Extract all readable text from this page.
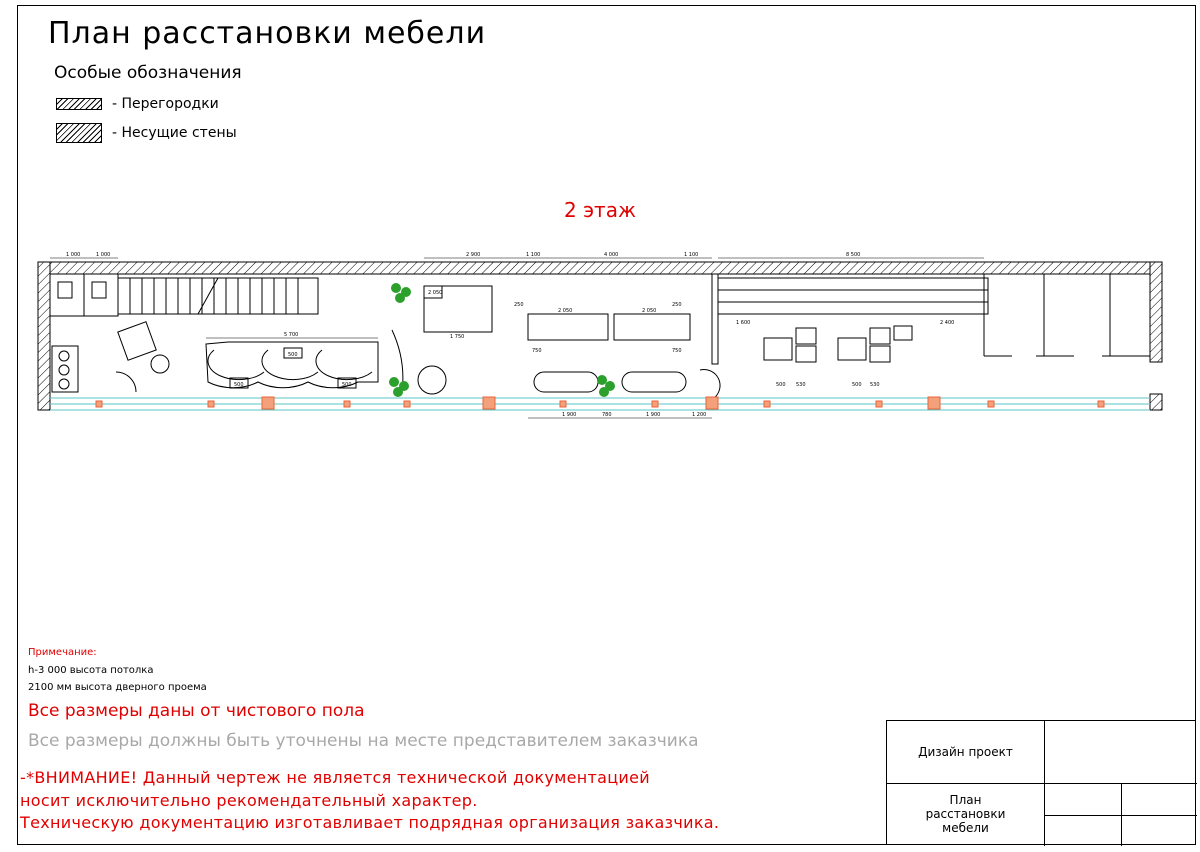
План расстановки мебели
Особые обозначения
- Перегородки
- Несущие стены
2 этаж
1 000	1 000	2 900	1 100	4 000	1 100	8 500
5 700
500
500	500
2 050
1 750
2 050	2 050
250	250
750	750
1 600	2 400
500 530	500 530
1 900	780	1 900	1 200
Примечание:
h-3 000 высота потолка
2100 мм высота дверного проема
Все размеры даны от чистового пола
Все размеры должны быть уточнены на месте представителем заказчика
-*ВНИМАНИЕ! Данный чертеж не является технической документацией
носит исключительно рекомендательный характер.
Техническую документацию изготавливает подрядная организация заказчика.
Дизайн проект
План
расстановки
мебели
